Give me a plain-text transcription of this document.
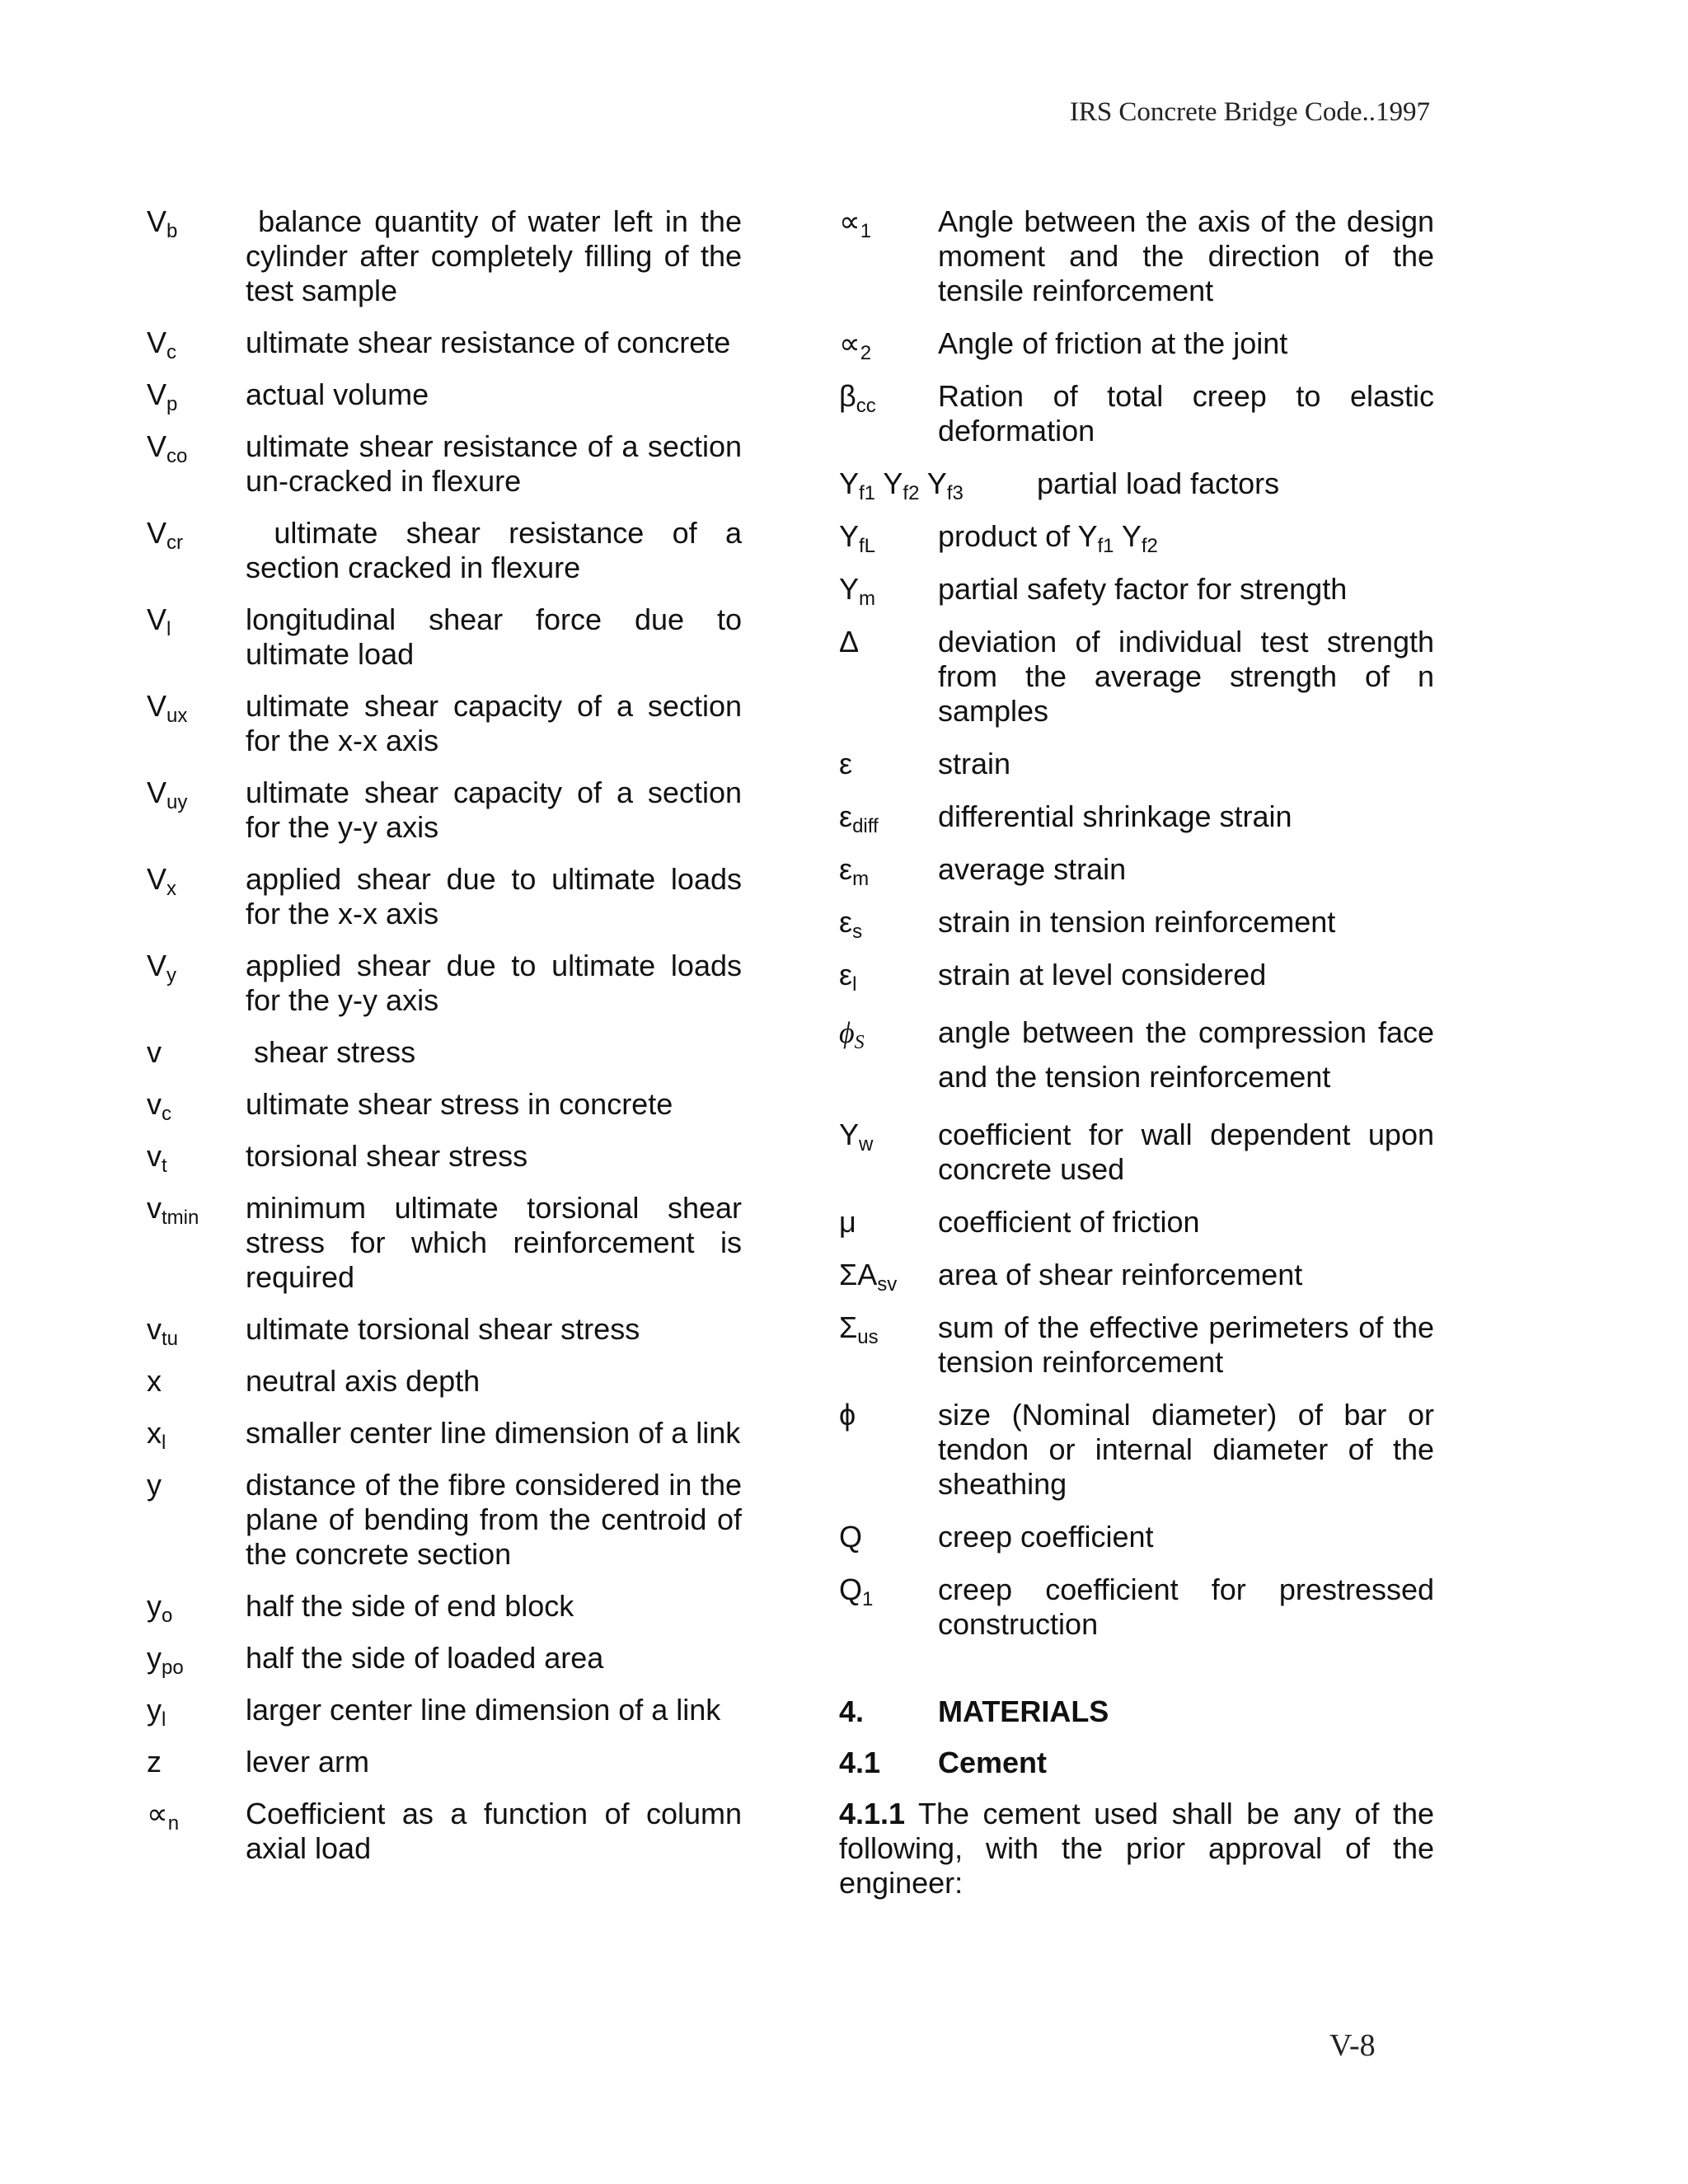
IRS Concrete Bridge Code..1997
$V_b$	balance quantity of water left in the cylinder after completely filling of the test sample
$V_c$	ultimate shear resistance of concrete
$V_p$	actual volume
$V_{co}$	ultimate shear resistance of a section un-cracked in flexure
$V_{cr}$	ultimate shear resistance of a section cracked in flexure
$V_l$	longitudinal shear force due to ultimate load
$V_{ux}$	ultimate shear capacity of a section for the x-x axis
$V_{uy}$	ultimate shear capacity of a section for the y-y axis
$V_x$	applied shear due to ultimate loads for the x-x axis
$V_y$	applied shear due to ultimate loads for the y-y axis
v	shear stress
$v_c$	ultimate shear stress in concrete
$v_t$	torsional shear stress
$v_{tmin}$	minimum ultimate torsional shear stress for which reinforcement is required
$v_{tu}$	ultimate torsional shear stress
x	neutral axis depth
$x_l$	smaller center line dimension of a link
y	distance of the fibre considered in the    plane of bending from the centroid of the concrete section
$y_o$	half the side of end block
$y_{po}$	half the side of loaded area
$y_l$	larger center line dimension of a link
z	lever arm
$\propto_n$	Coefficient as a function of column axial load
$\propto_1$	Angle between the axis of the design moment and the direction of the tensile reinforcement
$\propto_2$	Angle of friction at the joint
$\beta_{cc}$	Ration of total creep to elastic deformation
$Y_{f1}$ $Y_{f2}$ $Y_{f3}$	partial load factors
$Y_{fL}$	product of $Y_{f1}$ $Y_{f2}$
$Y_m$	partial safety factor for strength
Δ	deviation of individual test strength from the average strength of n samples
ε	strain
$\varepsilon_{diff}$	differential shrinkage strain
$\varepsilon_m$	average strain
$\varepsilon_s$	strain in tension reinforcement
$\varepsilon_l$	strain at level considered
$\phi_S$	angle between the compression face and the tension reinforcement
$Y_w$	coefficient for wall dependent upon concrete used
μ	coefficient of friction
$\Sigma A_{sv}$	area of shear reinforcement
$\Sigma_{us}$	sum of the effective perimeters of the tension reinforcement
ϕ	size (Nominal diameter) of bar or tendon or internal diameter of the sheathing
Q	creep coefficient
$Q_1$	creep coefficient for prestressed construction
4.	MATERIALS
4.1	Cement
4.1.1 The cement used shall be any of the following, with the prior approval of the engineer:
V-8
